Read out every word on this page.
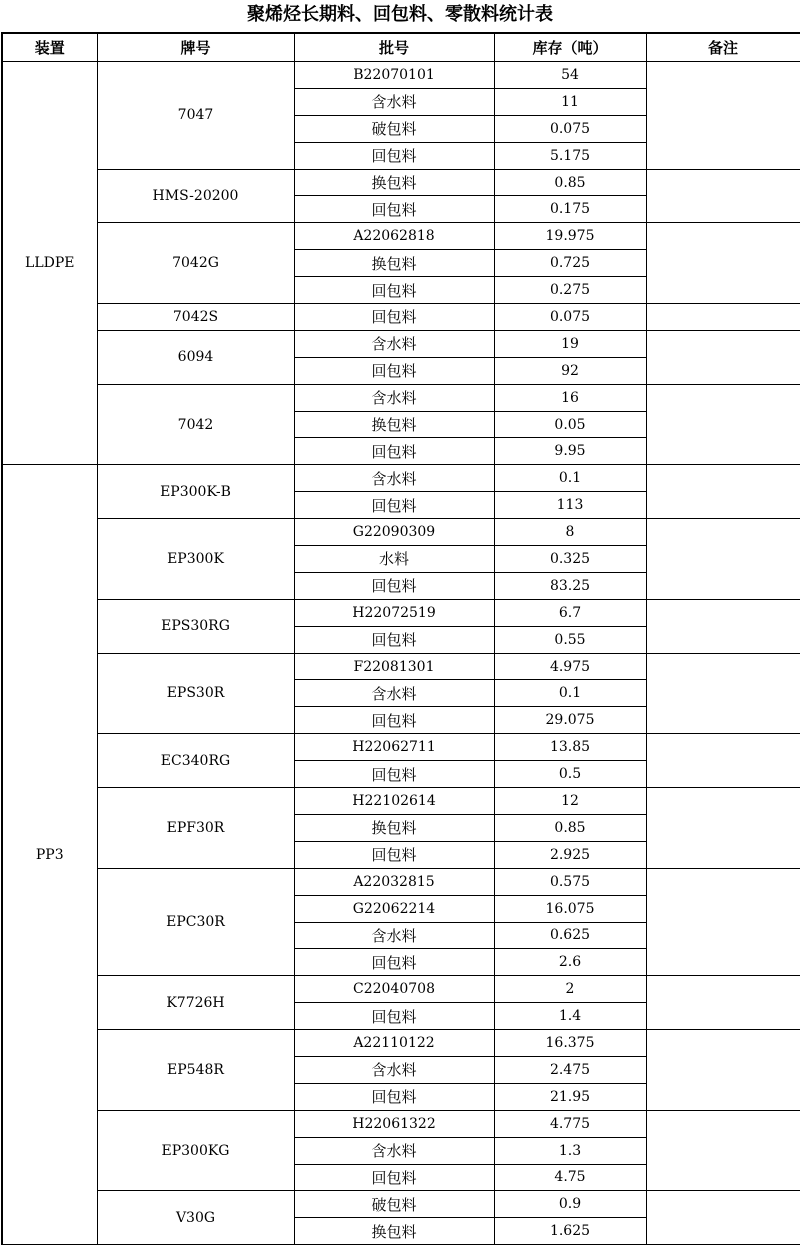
聚烯烃长期料、回包料、零散料统计表
装置	牌号	批号	库存（吨）	备注
LLDPE	7047	B22070101	54	
		含水料	11	
		破包料	0.075	
		回包料	5.175	
	HMS-20200	换包料	0.85	
		回包料	0.175	
	7042G	A22062818	19.975	
		换包料	0.725	
		回包料	0.275	
	7042S	回包料	0.075	
	6094	含水料	19	
		回包料	92	
	7042	含水料	16	
		换包料	0.05	
		回包料	9.95	
PP3	EP300K-B	含水料	0.1	
		回包料	113	
	EP300K	G22090309	8	
		水料	0.325	
		回包料	83.25	
	EPS30RG	H22072519	6.7	
		回包料	0.55	
	EPS30R	F22081301	4.975	
		含水料	0.1	
		回包料	29.075	
	EC340RG	H22062711	13.85	
		回包料	0.5	
	EPF30R	H22102614	12	
		换包料	0.85	
		回包料	2.925	
	EPC30R	A22032815	0.575	
		G22062214	16.075	
		含水料	0.625	
		回包料	2.6	
	K7726H	C22040708	2	
		回包料	1.4	
	EP548R	A22110122	16.375	
		含水料	2.475	
		回包料	21.95	
	EP300KG	H22061322	4.775	
		含水料	1.3	
		回包料	4.75	
	V30G	破包料	0.9	
		换包料	1.625	
